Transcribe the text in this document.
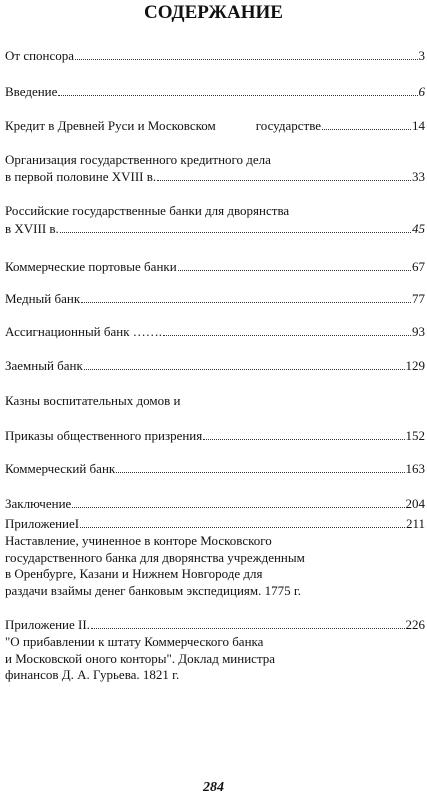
СОДЕРЖАНИЕ
От спонсора	3
Введение	6
Кредит в Древней Руси и Московском	государстве	14
Организация государственного кредитного дела
в первой половине XVIII в.	33
Российские государственные банки для дворянства
в XVIII в.	45
Коммерческие портовые банки	67
Медный банк	77
Ассигнационный банк …….	93
Заемный банк	129
Казны воспитательных домов и
Приказы общественного призрения	152
Коммерческий банк	163
Заключение	204
ПриложениеI	211
Наставление, учиненное в конторе Московского
государственного банка для дворянства учрежденным
в Оренбурге, Казани и Нижнем Новгороде для
раздачи взаймы денег банковым экспедициям. 1775 г.
Приложение II.	226
"О прибавлении к штату Коммерческого банка
и Московской оного конторы". Доклад министра
финансов Д. А. Гурьева. 1821 г.
284
